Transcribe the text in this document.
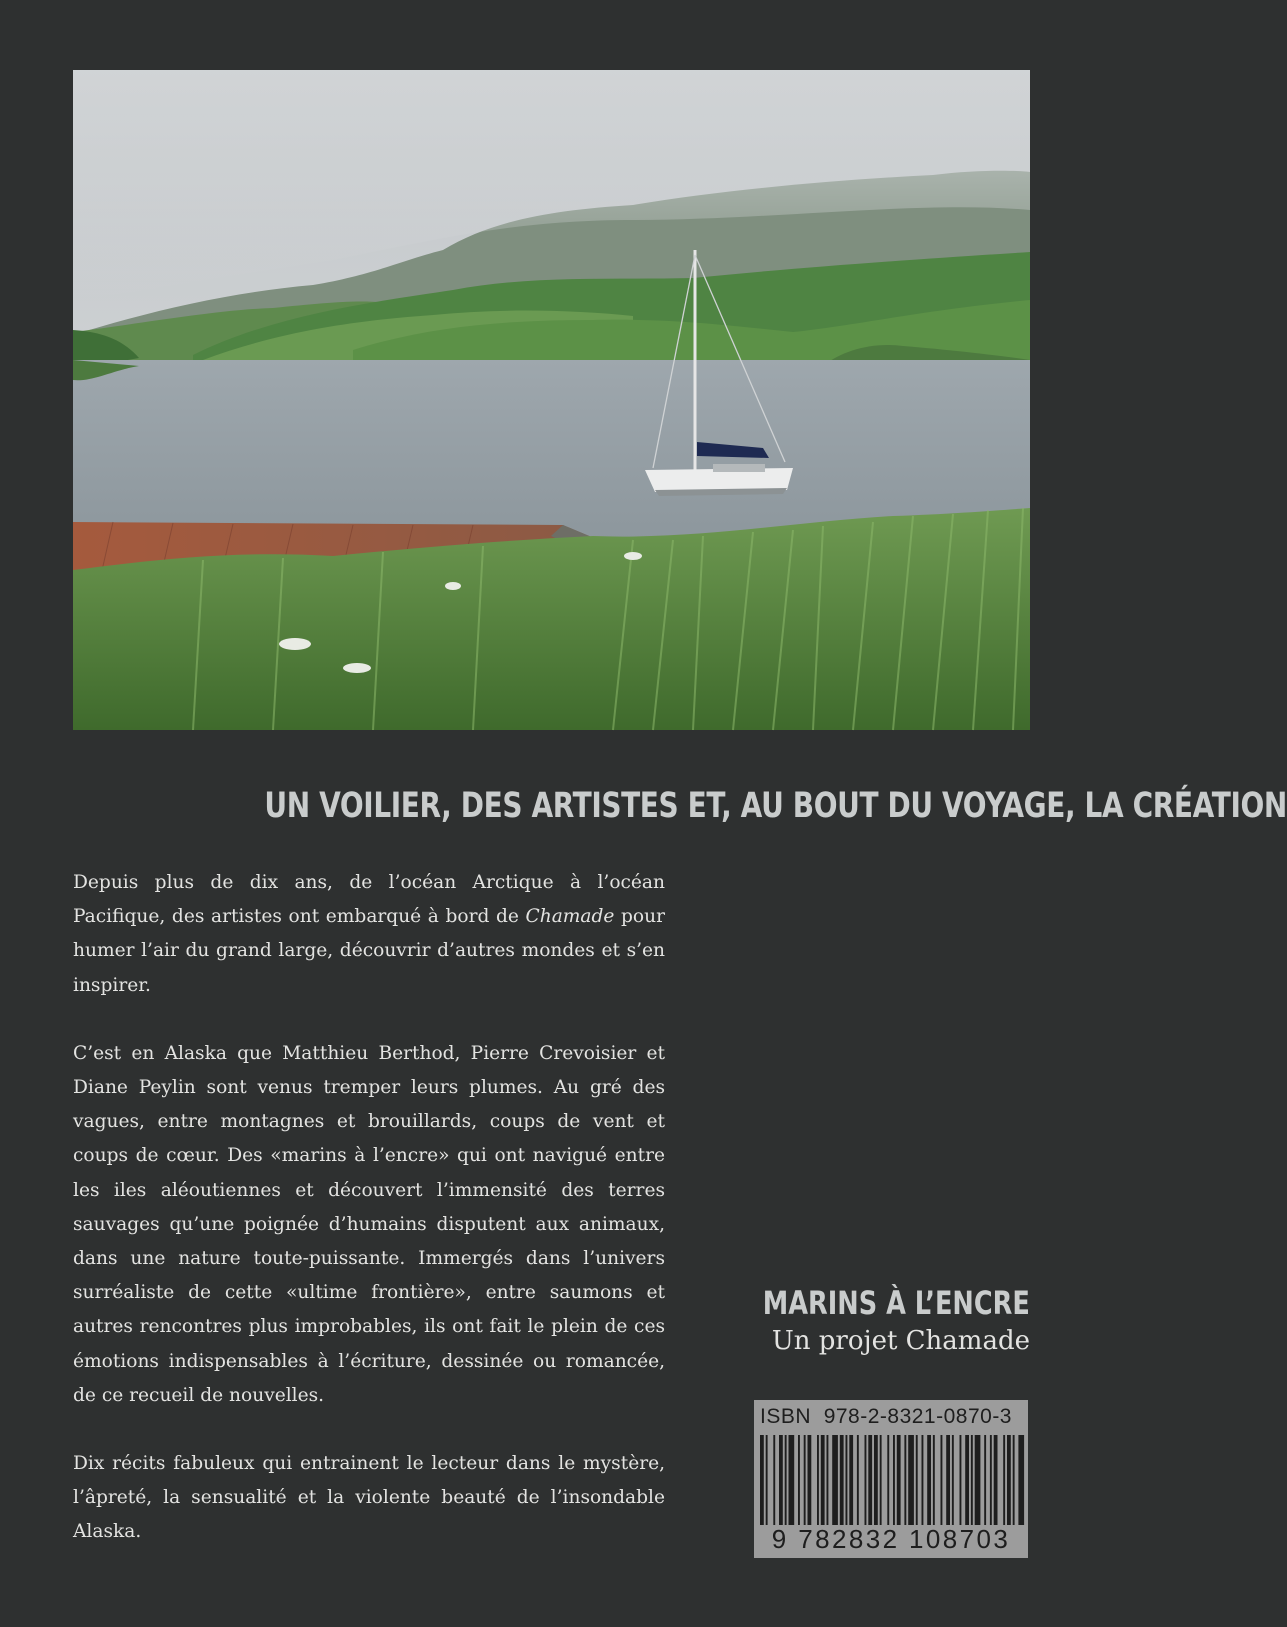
UN VOILIER, DES ARTISTES ET, AU BOUT DU VOYAGE, LA CRÉATION

Depuis plus de dix ans, de l’océan Arctique à l’océan Pacifique, des artistes ont embarqué à bord de Chamade pour humer l’air du grand large, découvrir d’autres mondes et s’en inspirer.

C’est en Alaska que Matthieu Berthod, Pierre Crevoisier et Diane Peylin sont venus tremper leurs plumes. Au gré des vagues, entre montagnes et brouillards, coups de vent et coups de cœur. Des «marins à l’encre» qui ont navigué entre les iles aléoutiennes et découvert l’immensité des terres sauvages qu’une poignée d’humains disputent aux animaux, dans une nature toute-puissante. Immergés dans l’univers surréaliste de cette «ultime frontière», entre saumons et autres rencontres plus improbables, ils ont fait le plein de ces émotions indispensables à l’écriture, dessinée ou romancée, de ce recueil de nouvelles.

Dix récits fabuleux qui entrainent le lecteur dans le mystère, l’âpreté, la sensualité et la violente beauté de l’insondable Alaska.

MARINS À L’ENCRE
Un projet Chamade
ISBN 978-2-8321-0870-3
9 782832 108703
